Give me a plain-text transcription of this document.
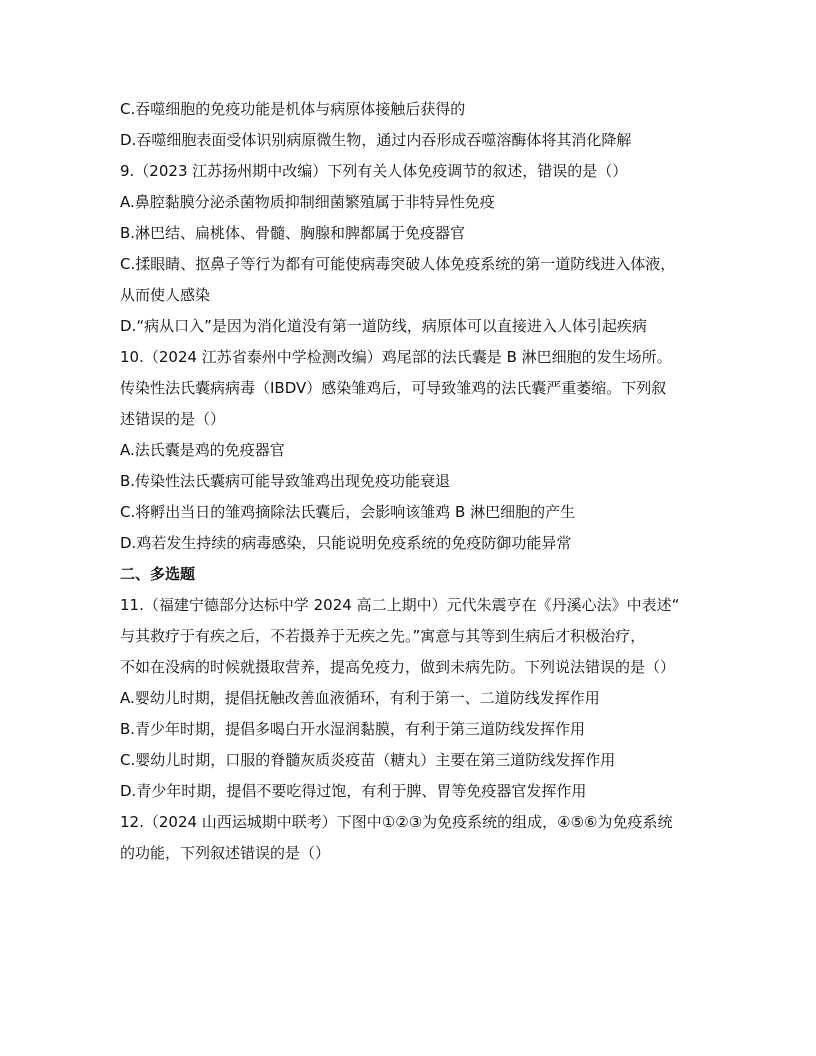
C.吞噬细胞的免疫功能是机体与病原体接触后获得的
D.吞噬细胞表面受体识别病原微生物，通过内吞形成吞噬溶酶体将其消化降解
9.（2023 江苏扬州期中改编）下列有关人体免疫调节的叙述，错误的是（）
A.鼻腔黏膜分泌杀菌物质抑制细菌繁殖属于非特异性免疫
B.淋巴结、扁桃体、骨髓、胸腺和脾都属于免疫器官
C.揉眼睛、抠鼻子等行为都有可能使病毒突破人体免疫系统的第一道防线进入体液，
从而使人感染
D.“病从口入”是因为消化道没有第一道防线，病原体可以直接进入人体引起疾病
10.（2024 江苏省泰州中学检测改编）鸡尾部的法氏囊是 B 淋巴细胞的发生场所。
传染性法氏囊病病毒（IBDV）感染雏鸡后，可导致雏鸡的法氏囊严重萎缩。下列叙
述错误的是（）
A.法氏囊是鸡的免疫器官
B.传染性法氏囊病可能导致雏鸡出现免疫功能衰退
C.将孵出当日的雏鸡摘除法氏囊后，会影响该雏鸡 B 淋巴细胞的产生
D.鸡若发生持续的病毒感染，只能说明免疫系统的免疫防御功能异常
二、多选题
11.（福建宁德部分达标中学 2024 高二上期中）元代朱震亨在《丹溪心法》中表述“
与其救疗于有疾之后，不若摄养于无疾之先。”寓意与其等到生病后才积极治疗，
不如在没病的时候就摄取营养，提高免疫力，做到未病先防。下列说法错误的是（）
A.婴幼儿时期，提倡抚触改善血液循环，有利于第一、二道防线发挥作用
B.青少年时期，提倡多喝白开水湿润黏膜，有利于第三道防线发挥作用
C.婴幼儿时期，口服的脊髓灰质炎疫苗（糖丸）主要在第三道防线发挥作用
D.青少年时期，提倡不要吃得过饱，有利于脾、胃等免疫器官发挥作用
12.（2024 山西运城期中联考）下图中①②③为免疫系统的组成，④⑤⑥为免疫系统
的功能，下列叙述错误的是（）
